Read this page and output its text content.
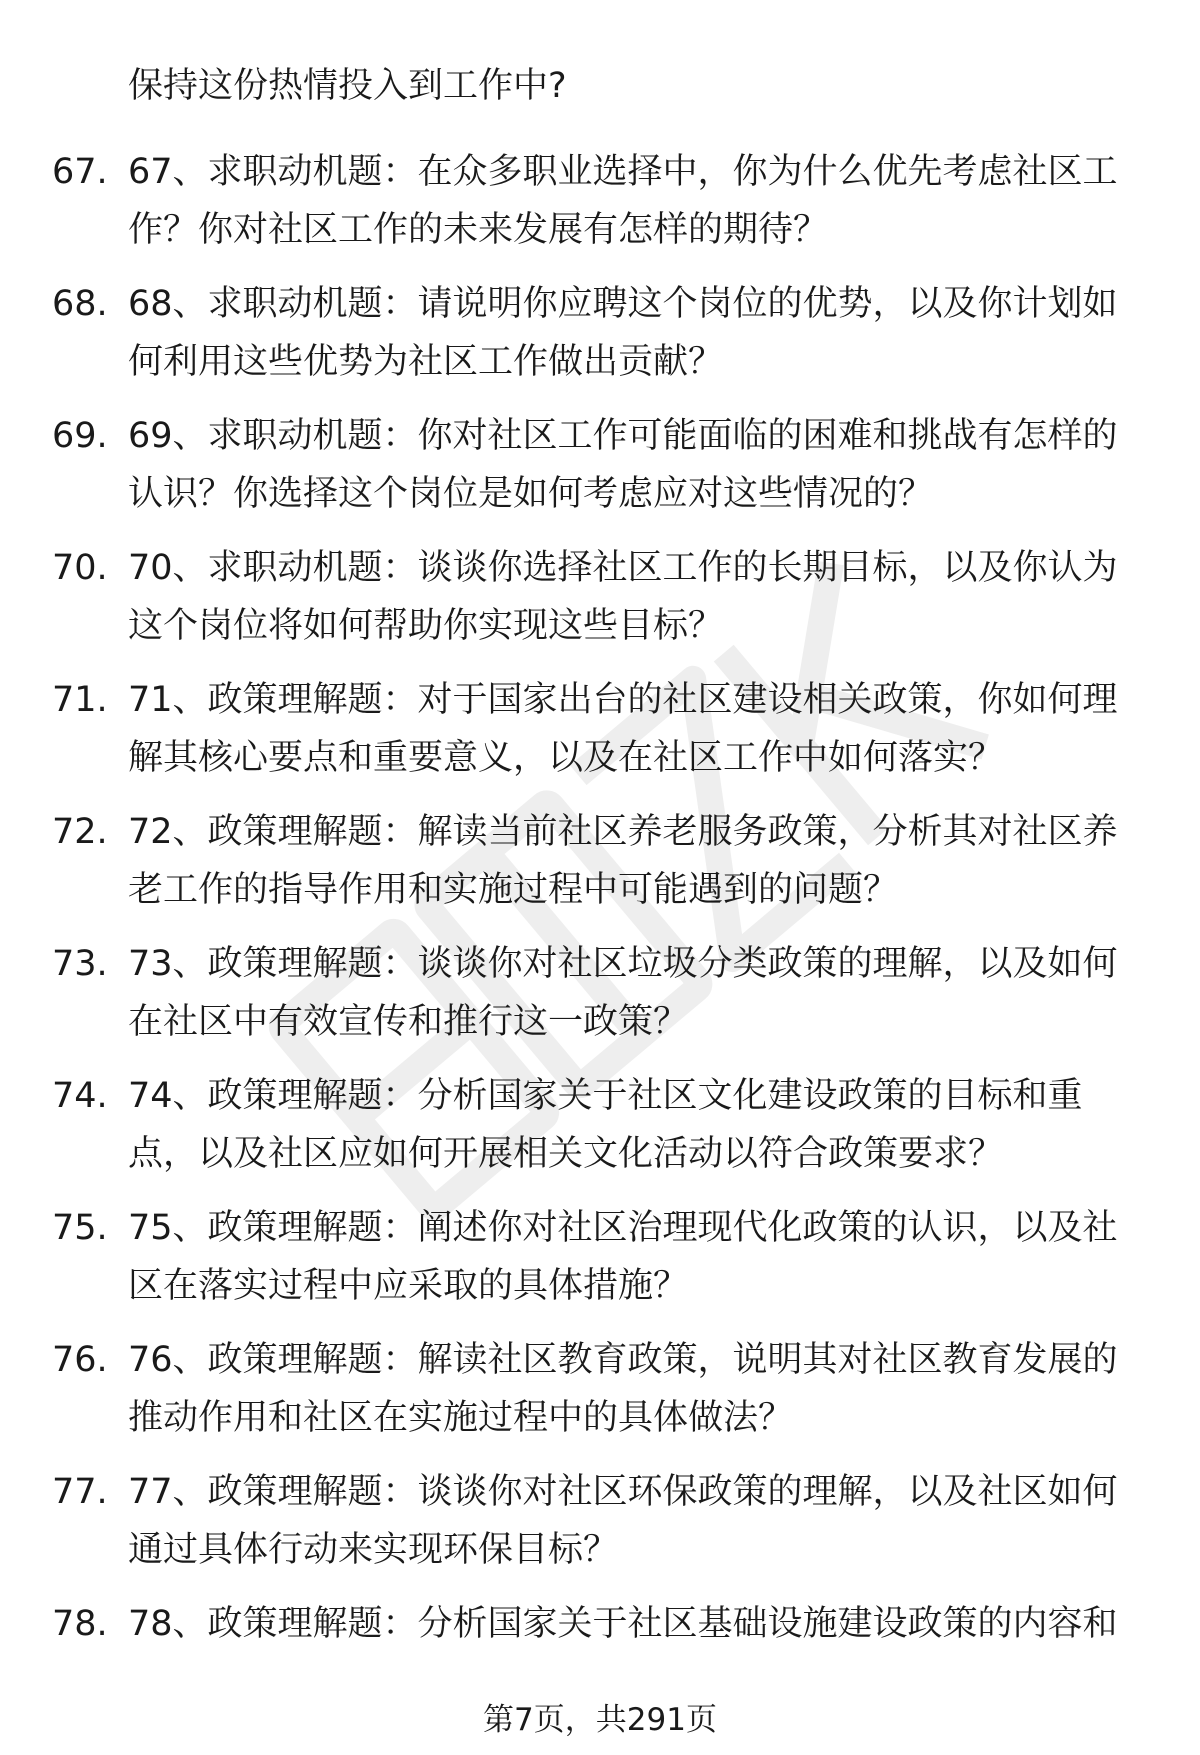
保持这份热情投入到工作中?
67. 67、求职动机题：在众多职业选择中，你为什么优先考虑社区工
作？你对社区工作的未来发展有怎样的期待？
68. 68、求职动机题：请说明你应聘这个岗位的优势，以及你计划如
何利用这些优势为社区工作做出贡献？
69. 69、求职动机题：你对社区工作可能面临的困难和挑战有怎样的
认识？你选择这个岗位是如何考虑应对这些情况的？
70. 70、求职动机题：谈谈你选择社区工作的长期目标，以及你认为
这个岗位将如何帮助你实现这些目标？
71. 71、政策理解题：对于国家出台的社区建设相关政策，你如何理
解其核心要点和重要意义，以及在社区工作中如何落实？
72. 72、政策理解题：解读当前社区养老服务政策，分析其对社区养
老工作的指导作用和实施过程中可能遇到的问题？
73. 73、政策理解题：谈谈你对社区垃圾分类政策的理解，以及如何
在社区中有效宣传和推行这一政策？
74. 74、政策理解题：分析国家关于社区文化建设政策的目标和重
点，以及社区应如何开展相关文化活动以符合政策要求？
75. 75、政策理解题：阐述你对社区治理现代化政策的认识，以及社
区在落实过程中应采取的具体措施？
76. 76、政策理解题：解读社区教育政策，说明其对社区教育发展的
推动作用和社区在实施过程中的具体做法？
77. 77、政策理解题：谈谈你对社区环保政策的理解，以及社区如何
通过具体行动来实现环保目标？
78. 78、政策理解题：分析国家关于社区基础设施建设政策的内容和
第7页，共291页
